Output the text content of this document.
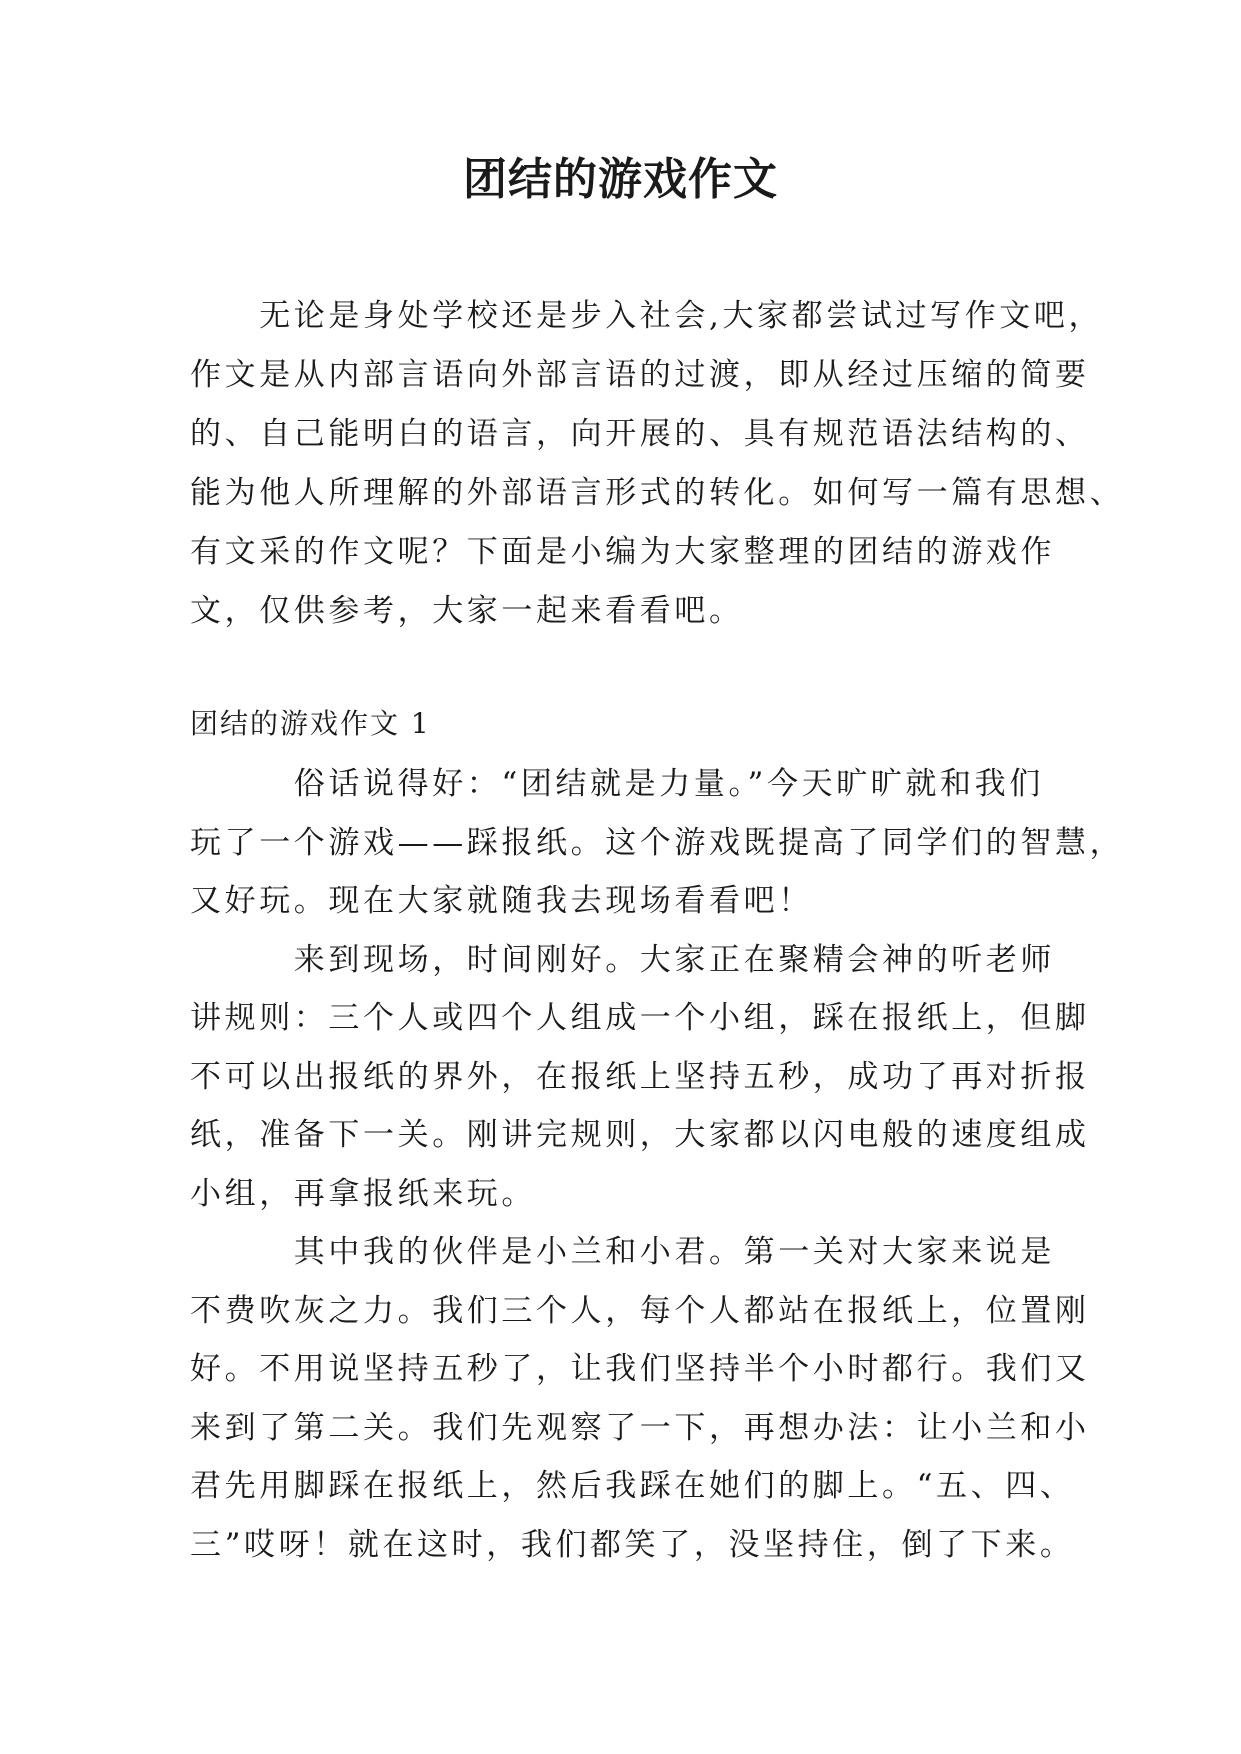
团结的游戏作文
　　无论是身处学校还是步入社会,大家都尝试过写作文吧，
作文是从内部言语向外部言语的过渡，即从经过压缩的简要
的、自己能明白的语言，向开展的、具有规范语法结构的、
能为他人所理解的外部语言形式的转化。如何写一篇有思想、
有文采的作文呢？下面是小编为大家整理的团结的游戏作
文，仅供参考，大家一起来看看吧。
团结的游戏作文 1
　　　俗话说得好：“团结就是力量。”今天旷旷就和我们
玩了一个游戏——踩报纸。这个游戏既提高了同学们的智慧，
又好玩。现在大家就随我去现场看看吧！
　　　来到现场，时间刚好。大家正在聚精会神的听老师
讲规则：三个人或四个人组成一个小组，踩在报纸上，但脚
不可以出报纸的界外，在报纸上坚持五秒，成功了再对折报
纸，准备下一关。刚讲完规则，大家都以闪电般的速度组成
小组，再拿报纸来玩。
　　　其中我的伙伴是小兰和小君。第一关对大家来说是
不费吹灰之力。我们三个人，每个人都站在报纸上，位置刚
好。不用说坚持五秒了，让我们坚持半个小时都行。我们又
来到了第二关。我们先观察了一下，再想办法：让小兰和小
君先用脚踩在报纸上，然后我踩在她们的脚上。“五、四、
三”哎呀！就在这时，我们都笑了，没坚持住，倒了下来。
